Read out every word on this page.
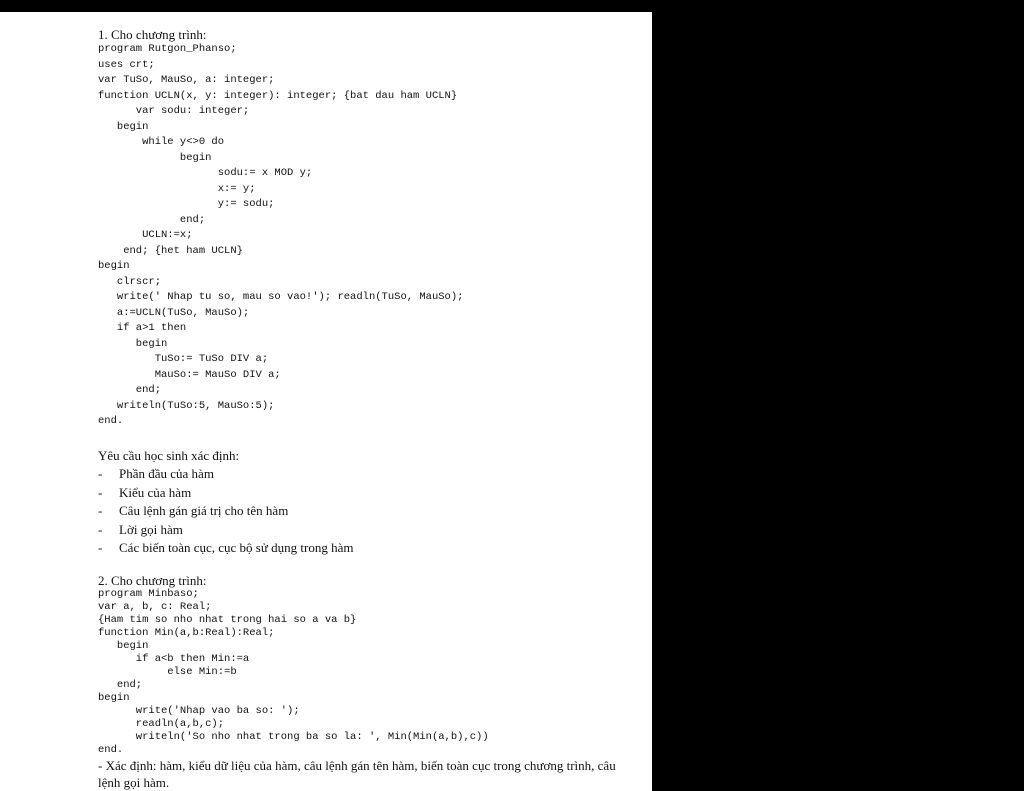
1. Cho chương trình:
program Rutgon_Phanso;
uses crt;
var TuSo, MauSo, a: integer;
function UCLN(x, y: integer): integer; {bat dau ham UCLN}
var sodu: integer;
begin
while y<>0 do
begin
sodu:= x MOD y;
x:= y;
y:= sodu;
end;
UCLN:=x;
end; {het ham UCLN}
begin
clrscr;
write(' Nhap tu so, mau so vao!'); readln(TuSo, MauSo);
a:=UCLN(TuSo, MauSo);
if a>1 then
begin
TuSo:= TuSo DIV a;
MauSo:= MauSo DIV a;
end;
writeln(TuSo:5, MauSo:5);
end.
Yêu cầu học sinh xác định:
-	Phần đầu của hàm
-	Kiểu của hàm
-	Câu lệnh gán giá trị cho tên hàm
-	Lời gọi hàm
-	Các biến toàn cục, cục bộ sử dụng trong hàm
2. Cho chương trình:
program Minbaso;
var a, b, c: Real;
{Ham tim so nho nhat trong hai so a va b}
function Min(a,b:Real):Real;
begin
if a<b then Min:=a
else Min:=b
end;
begin
write('Nhap vao ba so: ');
readln(a,b,c);
writeln('So nho nhat trong ba so la: ', Min(Min(a,b),c))
end.
- Xác định: hàm, kiểu dữ liệu của hàm, câu lệnh gán tên hàm, biến toàn cục trong chương trình, câu lệnh gọi hàm.
